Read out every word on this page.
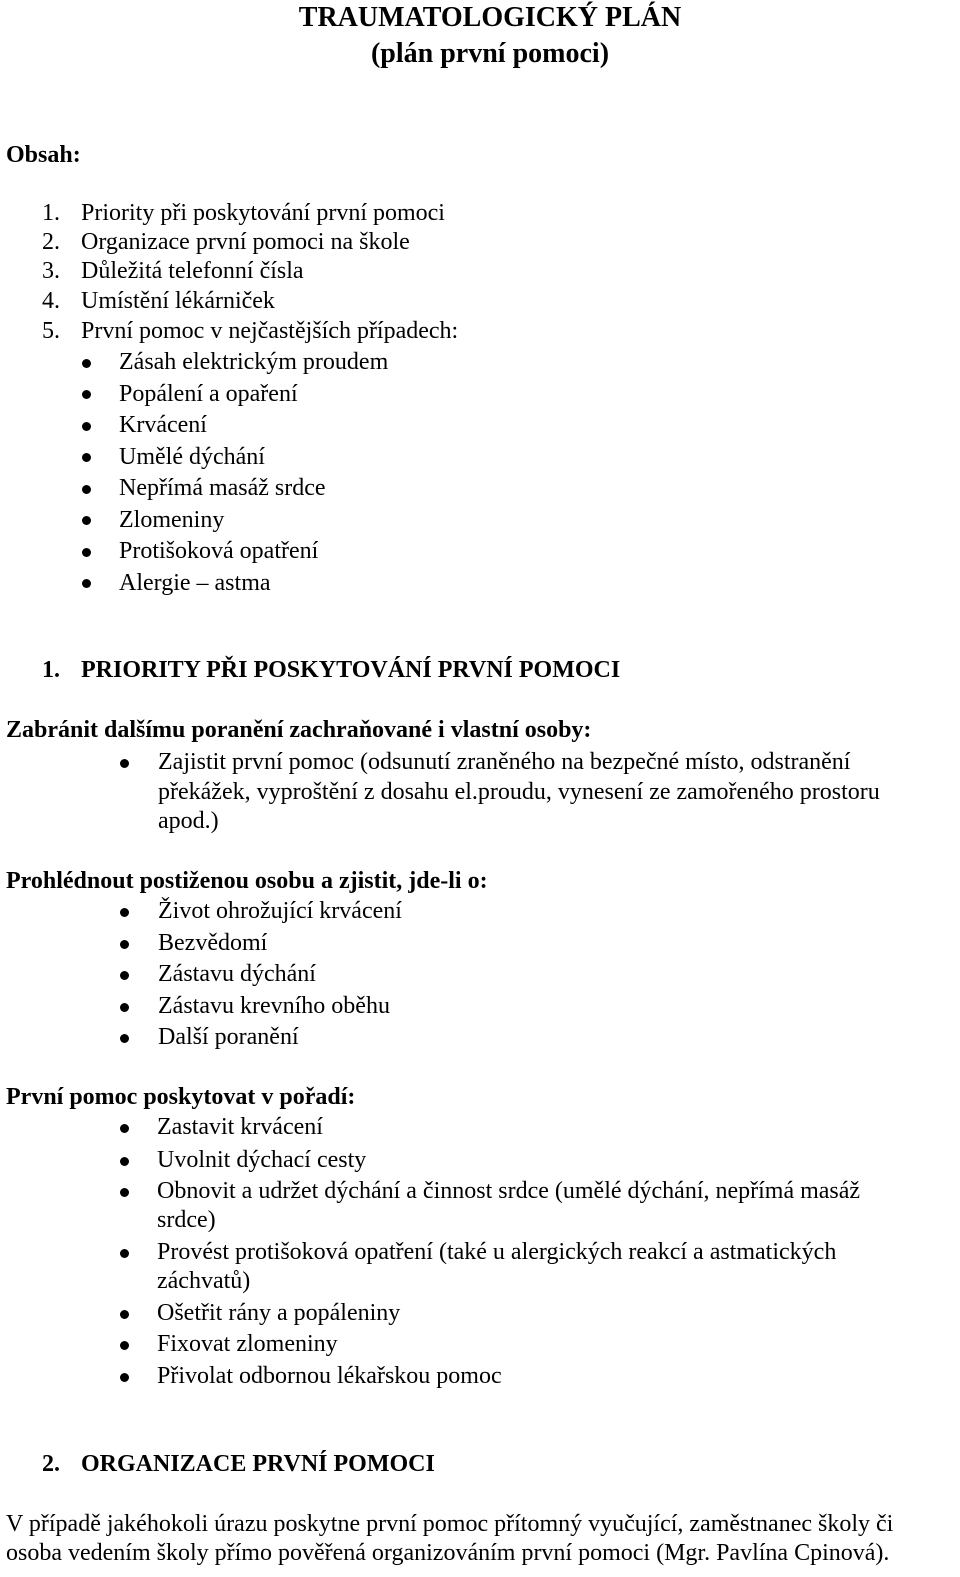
TRAUMATOLOGICKÝ PLÁN
(plán první pomoci)
Obsah:
1. Priority při poskytování první pomoci
2. Organizace první pomoci na škole
3. Důležitá telefonní čísla
4. Umístění lékárniček
5. První pomoc v nejčastějších případech:
Zásah elektrickým proudem
Popálení a opaření
Krvácení
Umělé dýchání
Nepřímá masáž srdce
Zlomeniny
Protišoková opatření
Alergie – astma
1. PRIORITY PŘI POSKYTOVÁNÍ PRVNÍ POMOCI
Zabránit dalšímu poranění zachraňované i vlastní osoby:
Zajistit první pomoc (odsunutí zraněného na bezpečné místo, odstranění
překážek, vyproštění z dosahu el.proudu, vynesení ze zamořeného prostoru
apod.)
Prohlédnout postiženou osobu a zjistit, jde-li o:
Život ohrožující krvácení
Bezvědomí
Zástavu dýchání
Zástavu krevního oběhu
Další poranění
První pomoc poskytovat v pořadí:
Zastavit krvácení
Uvolnit dýchací cesty
Obnovit a udržet dýchání a činnost srdce (umělé dýchání, nepřímá masáž
srdce)
Provést protišoková opatření (také u alergických reakcí a astmatických
záchvatů)
Ošetřit rány a popáleniny
Fixovat zlomeniny
Přivolat odbornou lékařskou pomoc
2. ORGANIZACE PRVNÍ POMOCI
V případě jakéhokoli úrazu poskytne první pomoc přítomný vyučující, zaměstnanec školy či
osoba vedením školy přímo pověřená organizováním první pomoci (Mgr. Pavlína Cpinová).
